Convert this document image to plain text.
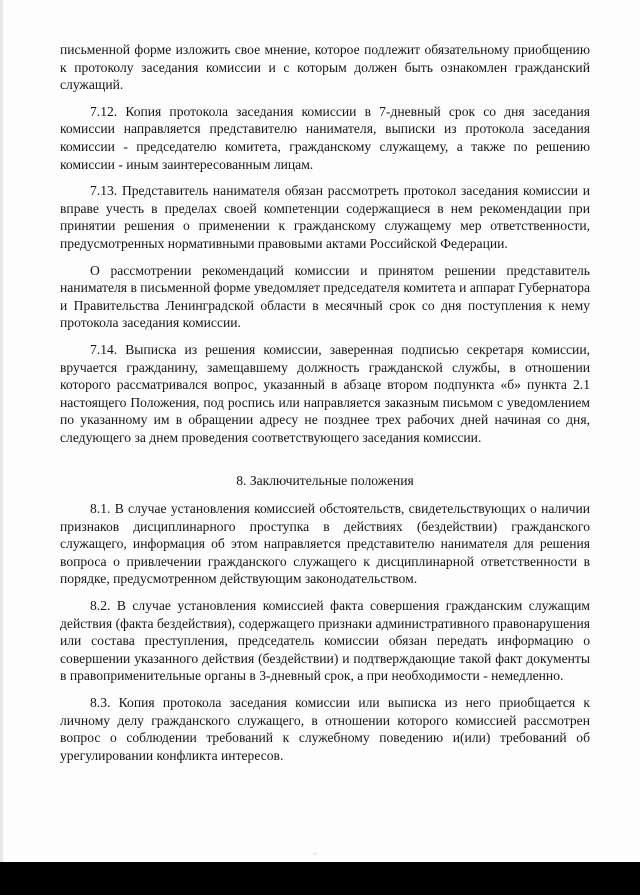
письменной форме изложить свое мнение, которое подлежит обязательному приобщению к протоколу заседания комиссии и с которым должен быть ознакомлен гражданский служащий.

7.12. Копия протокола заседания комиссии в 7-дневный срок со дня заседания комиссии направляется представителю нанимателя, выписки из протокола заседания комиссии - председателю комитета, гражданскому служащему, а также по решению комиссии - иным заинтересованным лицам.

7.13. Представитель нанимателя обязан рассмотреть протокол заседания комиссии и вправе учесть в пределах своей компетенции содержащиеся в нем рекомендации при принятии решения о применении к гражданскому служащему мер ответственности, предусмотренных нормативными правовыми актами Российской Федерации.

О рассмотрении рекомендаций комиссии и принятом решении представитель нанимателя в письменной форме уведомляет председателя комитета и аппарат Губернатора и Правительства Ленинградской области в месячный срок со дня поступления к нему протокола заседания комиссии.

7.14. Выписка из решения комиссии, заверенная подписью секретаря комиссии, вручается гражданину, замещавшему должность гражданской службы, в отношении которого рассматривался вопрос, указанный в абзаце втором подпункта «б» пункта 2.1 настоящего Положения, под роспись или направляется заказным письмом с уведомлением по указанному им в обращении адресу не позднее трех рабочих дней начиная со дня, следующего за днем проведения соответствующего заседания комиссии.

8. Заключительные положения

8.1. В случае установления комиссией обстоятельств, свидетельствующих о наличии признаков дисциплинарного проступка в действиях (бездействии) гражданского служащего, информация об этом направляется представителю нанимателя для решения вопроса о привлечении гражданского служащего к дисциплинарной ответственности в порядке, предусмотренном действующим законодательством.

8.2. В случае установления комиссией факта совершения гражданским служащим действия (факта бездействия), содержащего признаки административного правонарушения или состава преступления, председатель комиссии обязан передать информацию о совершении указанного действия (бездействии) и подтверждающие такой факт документы в правоприменительные органы в 3-дневный срок, а при необходимости - немедленно.

8.3. Копия протокола заседания комиссии или выписка из него приобщается к личному делу гражданского служащего, в отношении которого комиссией рассмотрен вопрос о соблюдении требований к служебному поведению и(или) требований об урегулировании конфликта интересов.

~
